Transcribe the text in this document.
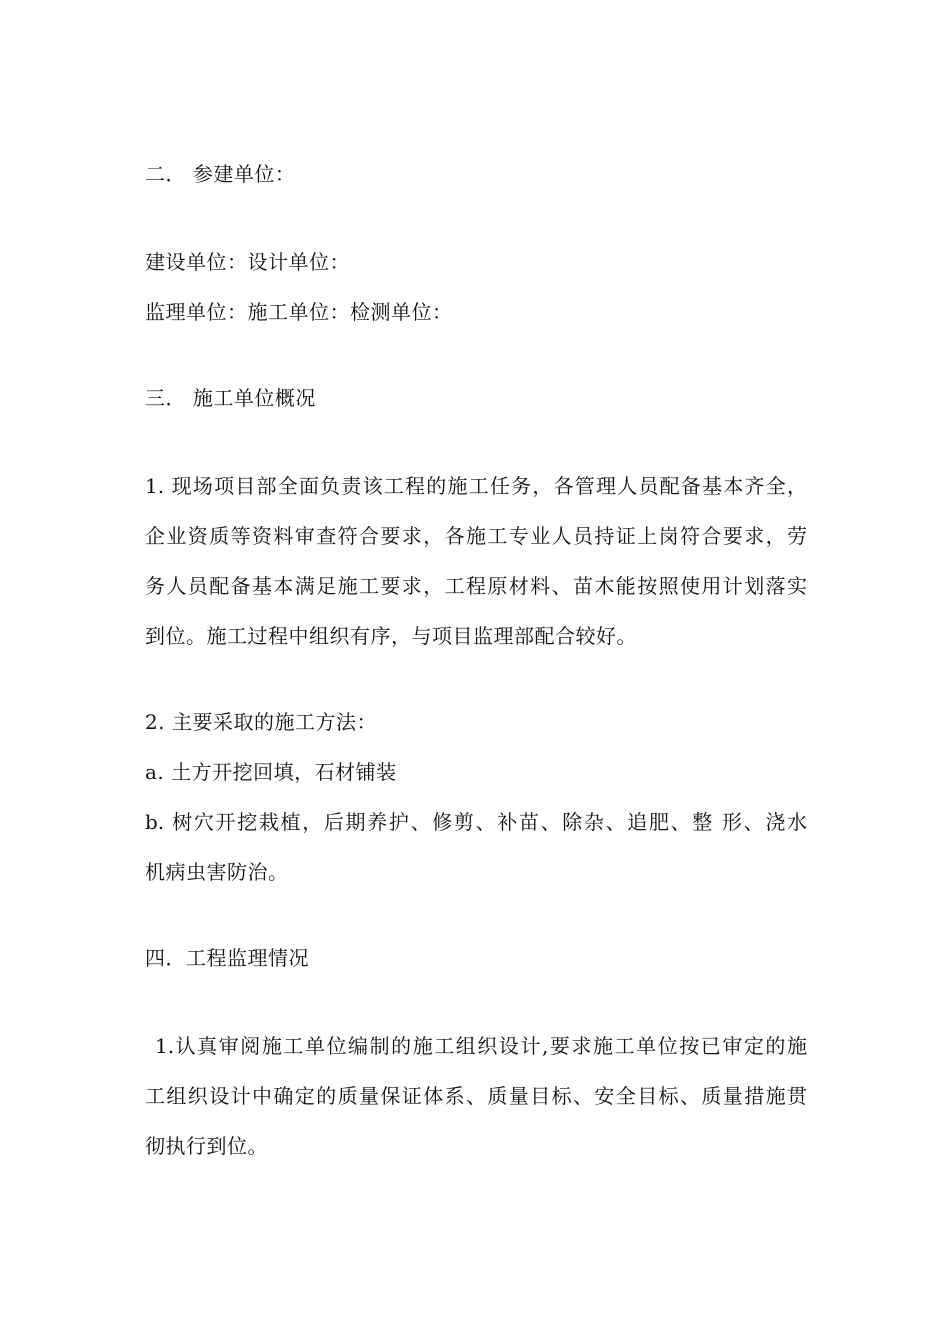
二． 参建单位：
建设单位：设计单位：
监理单位：施工单位：检测单位：
三． 施工单位概况
1. 现场项目部全面负责该工程的施工任务，各管理人员配备基本齐全，
企业资质等资料审查符合要求，各施工专业人员持证上岗符合要求，劳
务人员配备基本满足施工要求，工程原材料、苗木能按照使用计划落实
到位。施工过程中组织有序，与项目监理部配合较好。
2. 主要采取的施工方法：
a. 土方开挖回填，石材铺装
b. 树穴开挖栽植，后期养护、修剪、补苗、除杂、追肥、整 形、浇水
机病虫害防治。
四．工程监理情况
1.认真审阅施工单位编制的施工组织设计,要求施工单位按已审定的施
工组织设计中确定的质量保证体系、质量目标、安全目标、质量措施贯
彻执行到位。
